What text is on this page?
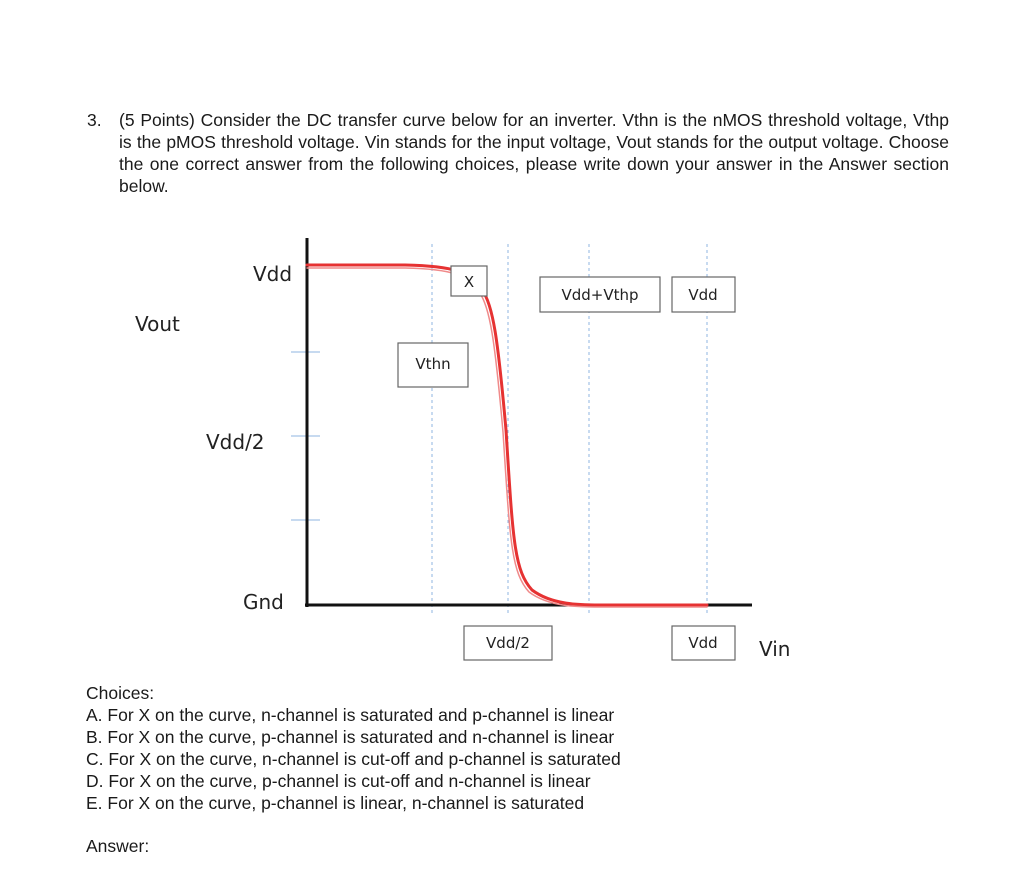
3. (5 Points) Consider the DC transfer curve below for an inverter. Vthn is the nMOS threshold voltage, Vthp is the pMOS threshold voltage. Vin stands for the input voltage, Vout stands for the output voltage. Choose the one correct answer from the following choices, please write down your answer in the Answer section below.
Vout
Vdd
Vdd/2
Gnd
Vin
X
Vthn
Vdd+Vthp	Vdd
Vdd/2	Vdd
Choices:
A. For X on the curve, n-channel is saturated and p-channel is linear
B. For X on the curve, p-channel is saturated and n-channel is linear
C. For X on the curve, n-channel is cut-off and p-channel is saturated
D. For X on the curve, p-channel is cut-off and n-channel is linear
E. For X on the curve, p-channel is linear, n-channel is saturated
Answer:
